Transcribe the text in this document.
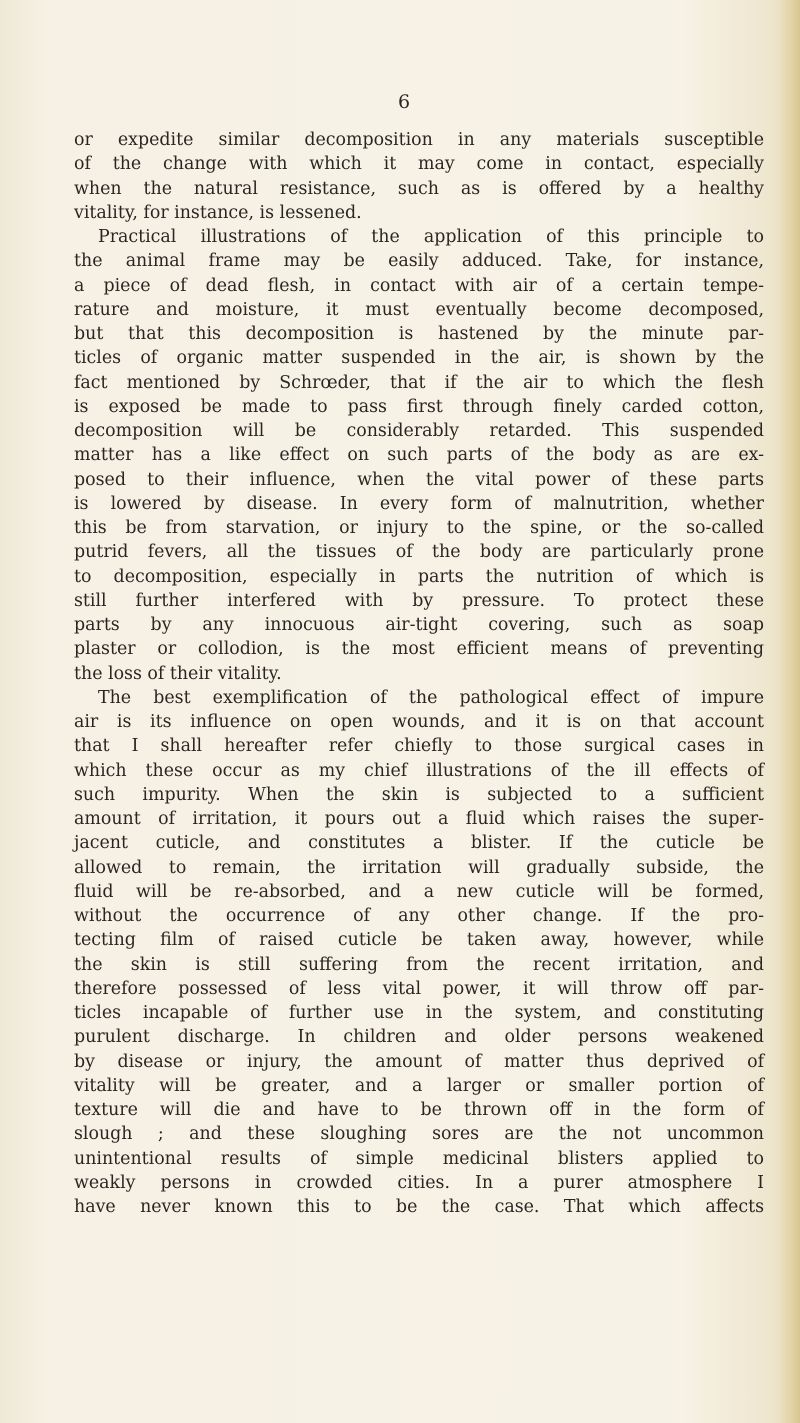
6

or expedite similar decomposition in any materials susceptible
of the change with which it may come in contact, especially
when the natural resistance, such as is offered by a healthy
vitality, for instance, is lessened.
Practical illustrations of the application of this principle to
the animal frame may be easily adduced. Take, for instance,
a piece of dead flesh, in contact with air of a certain tempe-
rature and moisture, it must eventually become decomposed,
but that this decomposition is hastened by the minute par-
ticles of organic matter suspended in the air, is shown by the
fact mentioned by Schrœder, that if the air to which the flesh
is exposed be made to pass first through finely carded cotton,
decomposition will be considerably retarded. This suspended
matter has a like effect on such parts of the body as are ex-
posed to their influence, when the vital power of these parts
is lowered by disease. In every form of malnutrition, whether
this be from starvation, or injury to the spine, or the so-called
putrid fevers, all the tissues of the body are particularly prone
to decomposition, especially in parts the nutrition of which is
still further interfered with by pressure. To protect these
parts by any innocuous air-tight covering, such as soap
plaster or collodion, is the most efficient means of preventing
the loss of their vitality.
The best exemplification of the pathological effect of impure
air is its influence on open wounds, and it is on that account
that I shall hereafter refer chiefly to those surgical cases in
which these occur as my chief illustrations of the ill effects of
such impurity. When the skin is subjected to a sufficient
amount of irritation, it pours out a fluid which raises the super-
jacent cuticle, and constitutes a blister. If the cuticle be
allowed to remain, the irritation will gradually subside, the
fluid will be re-absorbed, and a new cuticle will be formed,
without the occurrence of any other change. If the pro-
tecting film of raised cuticle be taken away, however, while
the skin is still suffering from the recent irritation, and
therefore possessed of less vital power, it will throw off par-
ticles incapable of further use in the system, and constituting
purulent discharge. In children and older persons weakened
by disease or injury, the amount of matter thus deprived of
vitality will be greater, and a larger or smaller portion of
texture will die and have to be thrown off in the form of
slough ; and these sloughing sores are the not uncommon
unintentional results of simple medicinal blisters applied to
weakly persons in crowded cities. In a purer atmosphere I
have never known this to be the case. That which affects
